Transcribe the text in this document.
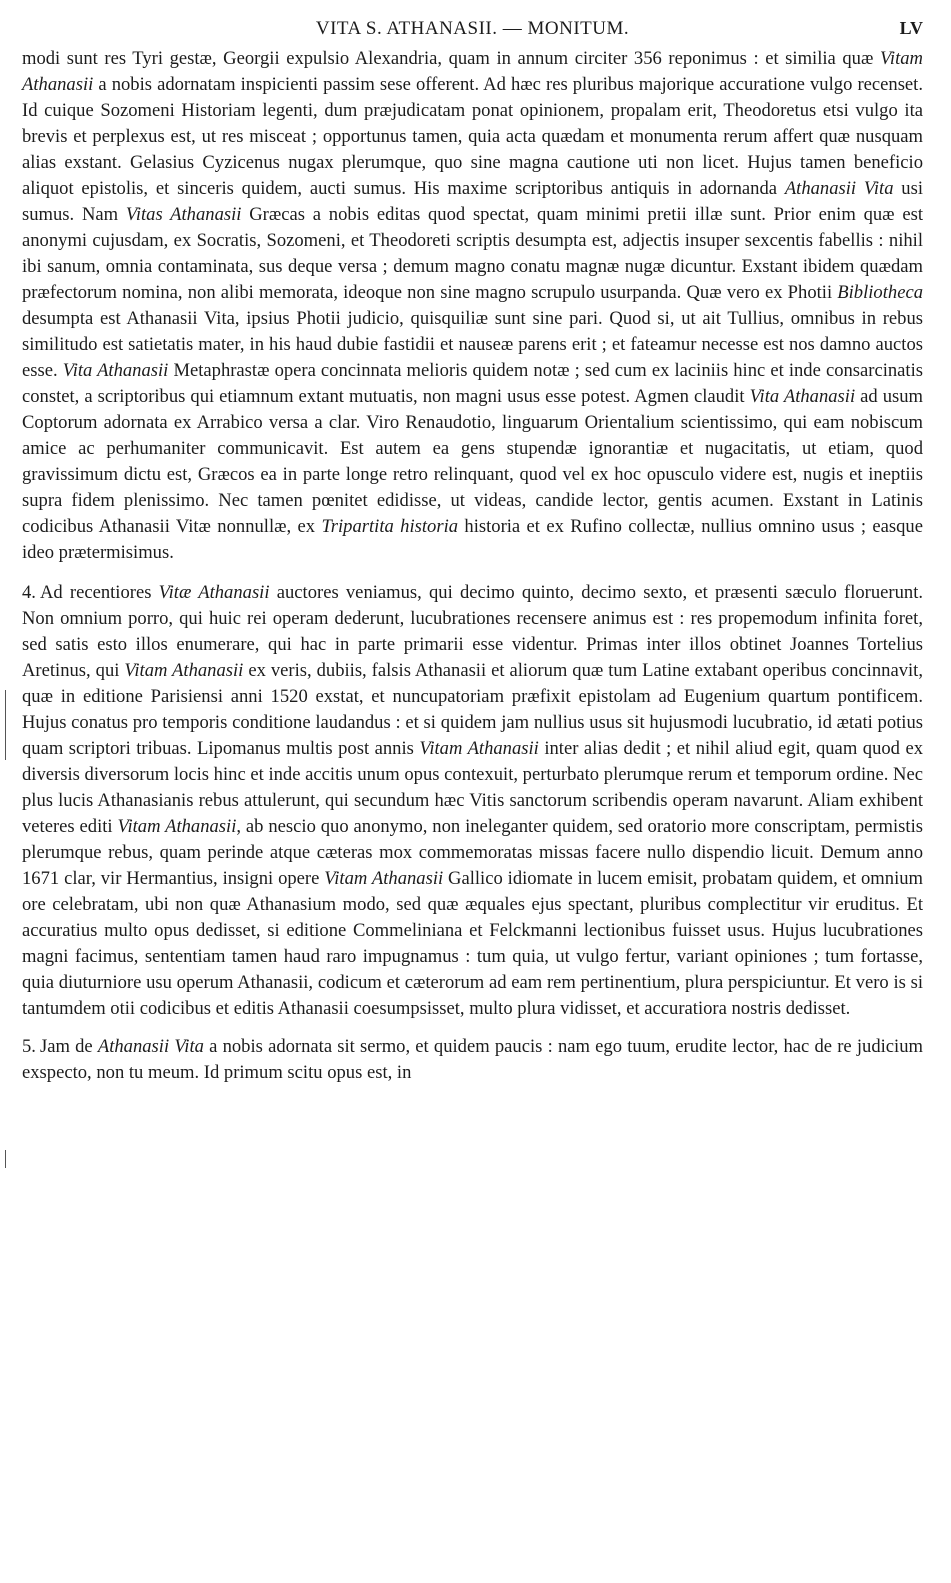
VITA S. ATHANASII. — MONITUM.	LV

modi sunt res Tyri gestæ, Georgii expulsio Alexandria, quam in annum circiter 356 reponimus : et similia quæ Vitam Athanasii a nobis adornatam inspicienti passim sese offerent. Ad hæc res pluribus majorique accuratione vulgo recenset. Id cuique Sozomeni Historiam legenti, dum præjudicatam ponat opinionem, propalam erit, Theodoretus etsi vulgo ita brevis et perplexus est, ut res misceat ; opportunus tamen, quia acta quædam et monumenta rerum affert quæ nusquam alias exstant. Gelasius Cyzicenus nugax plerumque, quo sine magna cautione uti non licet. Hujus tamen beneficio aliquot epistolis, et sinceris quidem, aucti sumus. His maxime scriptoribus antiquis in adornanda Athanasii Vita usi sumus. Nam Vitas Athanasii Græcas a nobis editas quod spectat, quam minimi pretii illæ sunt. Prior enim quæ est anonymi cujusdam, ex Socratis, Sozomeni, et Theodoreti scriptis desumpta est, adjectis insuper sexcentis fabellis : nihil ibi sanum, omnia contaminata, sus deque versa ; demum magno conatu magnæ nugæ dicuntur. Exstant ibidem quædam præfectorum nomina, non alibi memorata, ideoque non sine magno scrupulo usurpanda. Quæ vero ex Photii Bibliotheca desumpta est Athanasii Vita, ipsius Photii judicio, quisquiliæ sunt sine pari. Quod si, ut ait Tullius, omnibus in rebus similitudo est satietatis mater, in his haud dubie fastidii et nauseæ parens erit ; et fateamur necesse est nos damno auctos esse. Vita Athanasii Metaphrastæ opera concinnata melioris quidem notæ ; sed cum ex laciniis hinc et inde consarcinatis constet, a scriptoribus qui etiamnum extant mutuatis, non magni usus esse potest. Agmen claudit Vita Athanasii ad usum Coptorum adornata ex Arrabico versa a clar. Viro Renaudotio, linguarum Orientalium scientissimo, qui eam nobiscum amice ac perhumaniter communicavit. Est autem ea gens stupendæ ignorantiæ et nugacitatis, ut etiam, quod gravissimum dictu est, Græcos ea in parte longe retro relinquant, quod vel ex hoc opusculo videre est, nugis et ineptiis supra fidem plenissimo. Nec tamen pœnitet edidisse, ut videas, candide lector, gentis acumen. Exstant in Latinis codicibus Athanasii Vitæ nonnullæ, ex Tripartita historia historia et ex Rufino collectæ, nullius omnino usus ; easque ideo prætermisimus.

4. Ad recentiores Vitæ Athanasii auctores veniamus, qui decimo quinto, decimo sexto, et præsenti sæculo floruerunt. Non omnium porro, qui huic rei operam dederunt, lucubrationes recensere animus est : res propemodum infinita foret, sed satis esto illos enumerare, qui hac in parte primarii esse videntur. Primas inter illos obtinet Joannes Tortelius Aretinus, qui Vitam Athanasii ex veris, dubiis, falsis Athanasii et aliorum quæ tum Latine extabant operibus concinnavit, quæ in editione Parisiensi anni 1520 exstat, et nuncupatoriam præfixit epistolam ad Eugenium quartum pontificem. Hujus conatus pro temporis conditione laudandus : et si quidem jam nullius usus sit hujusmodi lucubratio, id ætati potius quam scriptori tribuas. Lipomanus multis post annis Vitam Athanasii inter alias dedit ; et nihil aliud egit, quam quod ex diversis diversorum locis hinc et inde accitis unum opus contexuit, perturbato plerumque rerum et temporum ordine. Nec plus lucis Athanasianis rebus attulerunt, qui secundum hæc Vitis sanctorum scribendis operam navarunt. Aliam exhibent veteres editi Vitam Athanasii, ab nescio quo anonymo, non ineleganter quidem, sed oratorio more conscriptam, permistis plerumque rebus, quam perinde atque cæteras mox commemoratas missas facere nullo dispendio licuit. Demum anno 1671 clar, vir Hermantius, insigni opere Vitam Athanasii Gallico idiomate in lucem emisit, probatam quidem, et omnium ore celebratam, ubi non quæ Athanasium modo, sed quæ æquales ejus spectant, pluribus complectitur vir eruditus. Et accuratius multo opus dedisset, si editione Commeliniana et Felckmanni lectionibus fuisset usus. Hujus lucubrationes magni facimus, sententiam tamen haud raro impugnamus : tum quia, ut vulgo fertur, variant opiniones ; tum fortasse, quia diuturniore usu operum Athanasii, codicum et cæterorum ad eam rem pertinentium, plura perspiciuntur. Et vero is si tantumdem otii codicibus et editis Athanasii coesumpsisset, multo plura vidisset, et accuratiora nostris dedisset.

5. Jam de Athanasii Vita a nobis adornata sit sermo, et quidem paucis : nam ego tuum, erudite lector, hac de re judicium exspecto, non tu meum. Id primum scitu opus est, in
